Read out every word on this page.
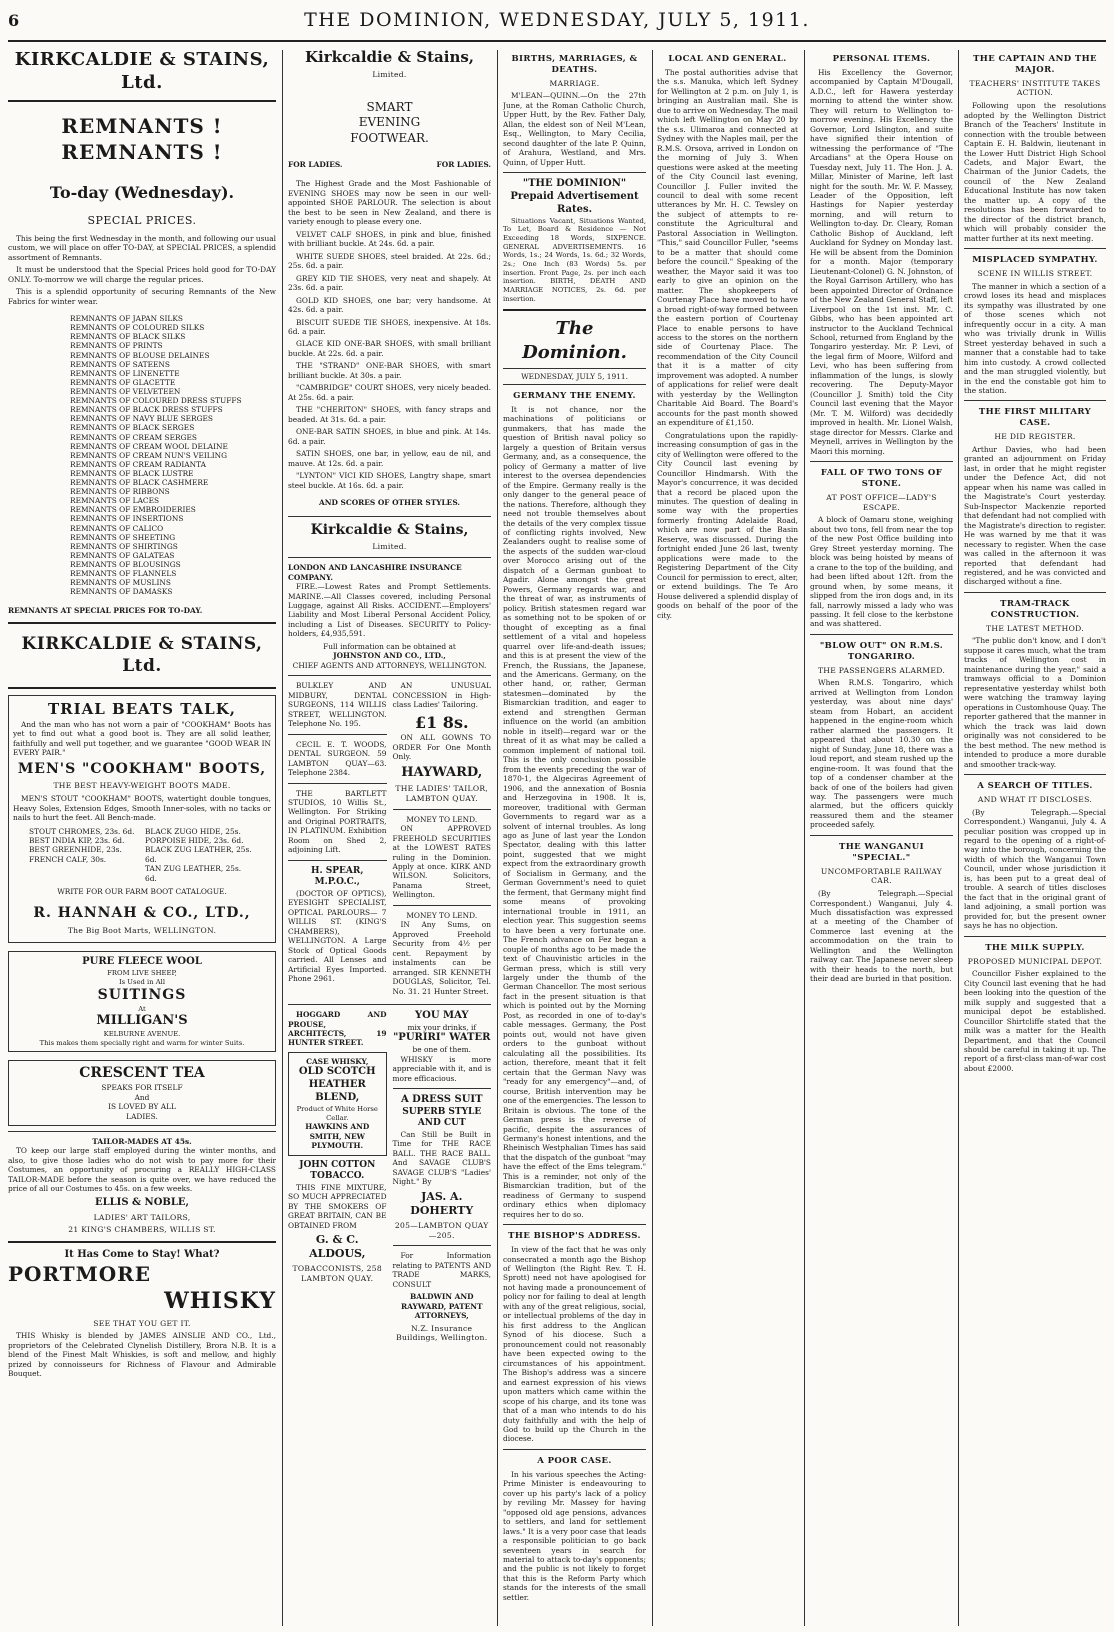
6	THE DOMINION, WEDNESDAY, JULY 5, 1911.
KIRKCALDIE & STAINS, Ltd.
REMNANTS ! REMNANTS !
To-day (Wednesday).
SPECIAL PRICES.

This being the first Wednesday in the month, and following our usual custom, we will place on offer TO-DAY, at SPECIAL PRICES, a splendid assortment of Remnants.

It must be understood that the Special Prices hold good for TO-DAY ONLY. To-morrow we will charge the regular prices.

This is a splendid opportunity of securing Remnants of the New Fabrics for winter wear.

REMNANTS OF JAPAN SILKS
REMNANTS OF COLOURED SILKS
REMNANTS OF BLACK SILKS
REMNANTS OF PRINTS
REMNANTS OF BLOUSE DELAINES
REMNANTS OF SATEENS
REMNANTS OF LINENETTE
REMNANTS OF GLACETTE
REMNANTS OF VELVETEEN
REMNANTS OF COLOURED DRESS STUFFS
REMNANTS OF BLACK DRESS STUFFS
REMNANTS OF NAVY BLUE SERGES
REMNANTS OF BLACK SERGES
REMNANTS OF CREAM SERGES
REMNANTS OF CREAM WOOL DELAINE
REMNANTS OF CREAM NUN'S VEILING
REMNANTS OF CREAM RADIANTA
REMNANTS OF BLACK LUSTRE
REMNANTS OF BLACK CASHMERE
REMNANTS OF RIBBONS
REMNANTS OF LACES
REMNANTS OF EMBROIDERIES
REMNANTS OF INSERTIONS
REMNANTS OF CALICO
REMNANTS OF SHEETING
REMNANTS OF SHIRTINGS
REMNANTS OF GALATEAS
REMNANTS OF BLOUSINGS
REMNANTS OF FLANNELS
REMNANTS OF MUSLINS
REMNANTS OF DAMASKS
REMNANTS AT SPECIAL PRICES FOR TO-DAY.
KIRKCALDIE & STAINS, Ltd.
TRIAL BEATS TALK,

And the man who has not worn a pair of "COOKHAM" Boots has yet to find out what a good boot is. They are all solid leather, faithfully and well put together, and we guarantee "GOOD WEAR IN EVERY PAIR."

MEN'S "COOKHAM" BOOTS,
THE BEST HEAVY-WEIGHT BOOTS MADE.

MEN'S STOUT "COOKHAM" BOOTS, watertight double tongues, Heavy Soles, Extension Edges, Smooth Inner-soles, with no tacks or nails to hurt the feet. All Bench-made.

STOUT CHROMES, 23s. 6d.
BEST INDIA KIP, 23s. 6d.
BEST GREENHIDE, 23s.
FRENCH CALF, 30s.
BLACK ZUGO HIDE, 25s.
PORPOISE HIDE, 23s. 6d.
BLACK ZUG LEATHER, 25s. 6d.
TAN ZUG LEATHER, 25s. 6d.
WRITE FOR OUR FARM BOOT CATALOGUE.
R. HANNAH & CO., LTD.,
The Big Boot Marts, WELLINGTON.
PURE FLEECE WOOL
FROM LIVE SHEEP,
Is Used in All
SUITINGS
At
MILLIGAN'S
KELBURNE AVENUE.
This makes them specially right and warm for winter Suits.
CRESCENT TEA
SPEAKS FOR ITSELF
And
IS LOVED BY ALL
LADIES.
TAILOR-MADES AT 45s.

TO keep our large staff employed during the winter months, and also, to give those ladies who do not wish to pay more for their Costumes, an opportunity of procuring a REALLY HIGH-CLASS TAILOR-MADE before the season is quite over, we have reduced the price of all our Costumes to 45s. on a few weeks.

ELLIS & NOBLE,
LADIES' ART TAILORS,
21 KING'S CHAMBERS, WILLIS ST.
It Has Come to Stay! What?
PORTMORE
WHISKY
SEE THAT YOU GET IT.

THIS Whisky is blended by JAMES AINSLIE AND CO., Ltd., proprietors of the Celebrated Clynelish Distillery, Brora N.B. It is a blend of the Finest Malt Whiskies, is soft and mellow, and highly prized by connoisseurs for Richness of Flavour and Admirable Bouquet.

Kirkcaldie & Stains,
Limited.
SMART
EVENING
FOOTWEAR.
FOR LADIES.	FOR LADIES.

The Highest Grade and the Most Fashionable of EVENING SHOES may now be seen in our well-appointed SHOE PARLOUR. The selection is about the best to be seen in New Zealand, and there is variety enough to please every one.

VELVET CALF SHOES, in pink and blue, finished with brilliant buckle. At 24s. 6d. a pair.

WHITE SUEDE SHOES, steel braided. At 22s. 6d.; 25s. 6d. a pair.

GREY KID TIE SHOES, very neat and shapely. At 23s. 6d. a pair.

GOLD KID SHOES, one bar; very handsome. At 42s. 6d. a pair.

BISCUIT SUEDE TIE SHOES, inexpensive. At 18s. 6d. a pair.

GLACE KID ONE-BAR SHOES, with small brilliant buckle. At 22s. 6d. a pair.

THE "STRAND" ONE-BAR SHOES, with smart brilliant buckle. At 30s. a pair.

"CAMBRIDGE" COURT SHOES, very nicely beaded. At 25s. 6d. a pair.

THE "CHERITON" SHOES, with fancy straps and beaded. At 31s. 6d. a pair.

ONE-BAR SATIN SHOES, in blue and pink. At 14s. 6d. a pair.

SATIN SHOES, one bar, in yellow, eau de nil, and mauve. At 12s. 6d. a pair.

"LYNTON" VICI KID SHOES, Langtry shape, smart steel buckle. At 16s. 6d. a pair.

AND SCORES OF OTHER STYLES.
Kirkcaldie & Stains,
Limited.
LONDON AND LANCASHIRE INSURANCE COMPANY.

FIRE.—Lowest Rates and Prompt Settlements. MARINE.—All Classes covered, including Personal Luggage, against All Risks. ACCIDENT.—Employers' Liability and Most Liberal Personal Accident Policy, including a List of Diseases. SECURITY to Policy-holders, £4,935,591.

Full information can be obtained at
JOHNSTON AND CO., LTD.,
CHIEF AGENTS AND ATTORNEYS, WELLINGTON.

BULKLEY AND MIDBURY, DENTAL SURGEONS, 114 WILLIS STREET, WELLINGTON. Telephone No. 195.

CECIL E. T. WOODS, DENTAL SURGEON. 59 LAMBTON QUAY—63. Telephone 2384.

THE BARTLETT STUDIOS, 10 Willis St., Wellington. For Striking and Original PORTRAITS, IN PLATINUM. Exhibition Room on Shed 2, adjoining Lift.

H. SPEAR, M.P.O.C.,

(DOCTOR OF OPTICS), EYESIGHT SPECIALIST, OPTICAL PARLOURS— 7 WILLIS ST. (KING'S CHAMBERS), WELLINGTON. A Large Stock of Optical Goods carried. All Lenses and Artificial Eyes Imported. Phone 2961.

AN UNUSUAL CONCESSION in High-class Ladies' Tailoring.

£1 8s.

ON ALL GOWNS TO ORDER For One Month Only.

HAYWARD,
THE LADIES' TAILOR, LAMBTON QUAY.
MONEY TO LEND.

ON APPROVED FREEHOLD SECURITIES at the LOWEST RATES ruling in the Dominion. Apply at once. KIRK AND WILSON. Solicitors, Panama Street, Wellington.

MONEY TO LEND.

IN Any Sums, on Approved Freehold Security from 4½ per cent. Repayment by instalments can be arranged. SIR KENNETH DOUGLAS, Solicitor, Tel. No. 31. 21 Hunter Street.

HOGGARD AND PROUSE, ARCHITECTS, 19 HUNTER STREET.

CASE WHISKY,
OLD SCOTCH HEATHER BLEND,
Product of White Horse Cellar.
HAWKINS AND SMITH, NEW PLYMOUTH.
JOHN COTTON TOBACCO.

THIS FINE MIXTURE, SO MUCH APPRECIATED BY THE SMOKERS OF GREAT BRITAIN, CAN BE OBTAINED FROM

G. & C. ALDOUS,
TOBACCONISTS, 258 LAMBTON QUAY.
YOU MAY
mix your drinks, if
"PURIRI" WATER
be one of them.

WHISKY is more appreciable with it, and is more efficacious.

A DRESS SUIT
SUPERB STYLE AND CUT

Can Still be Built in Time for THE RACE BALL. THE RACE BALL. And SAVAGE CLUB'S SAVAGE CLUB'S "Ladies' Night." By

JAS. A. DOHERTY
205—LAMBTON QUAY—205.

For Information relating to PATENTS AND TRADE MARKS, CONSULT

BALDWIN AND RAYWARD, PATENT ATTORNEYS,
N.Z. Insurance Buildings, Wellington.
BIRTHS, MARRIAGES, & DEATHS.
MARRIAGE.

M'LEAN—QUINN.—On the 27th June, at the Roman Catholic Church, Upper Hutt, by the Rev. Father Daly, Allan, the eldest son of Neil M'Lean, Esq., Wellington, to Mary Cecilia, second daughter of the late P. Quinn, of Arahura, Westland, and Mrs. Quinn, of Upper Hutt.

"THE DOMINION"
Prepaid Advertisement Rates.

Situations Vacant, Situations Wanted, To Let, Board & Residence — Not Exceeding 18 Words, SIXPENCE. GENERAL ADVERTISEMENTS. 16 Words, 1s.; 24 Words, 1s. 6d.; 32 Words, 2s.; One Inch (83 Words) 5s. per insertion. Front Page, 2s. per inch each insertion. BIRTH, DEATH AND MARRIAGE NOTICES, 2s. 6d. per insertion.

The Dominion.
WEDNESDAY, JULY 5, 1911.
GERMANY THE ENEMY.

It is not chance, nor the machinations of politicians or gunmakers, that has made the question of British naval policy so largely a question of Britain versus Germany, and, as a consequence, the policy of Germany a matter of live interest to the oversea dependencies of the Empire. Germany really is the only danger to the general peace of the nations. Therefore, although they need not trouble themselves about the details of the very complex tissue of conflicting rights involved, New Zealanders ought to realise some of the aspects of the sudden war-cloud over Morocco arising out of the dispatch of a German gunboat to Agadir. Alone amongst the great Powers, Germany regards war, and the threat of war, as instruments of policy. British statesmen regard war as something not to be spoken of or thought of excepting as a final settlement of a vital and hopeless quarrel over life-and-death issues; and this is at present the view of the French, the Russians, the Japanese, and the Americans. Germany, on the other hand, or, rather, German statesmen—dominated by the Bismarckian tradition, and eager to extend and strengthen German influence on the world (an ambition noble in itself)—regard war or the threat of it as what may be called a common implement of national toil. This is the only conclusion possible from the events preceding the war of 1870-1, the Algeciras Agreement of 1906, and the annexation of Bosnia and Herzegovina in 1908. It is, moreover, traditional with German Governments to regard war as a solvent of internal troubles. As long ago as June of last year the London Spectator, dealing with this latter point, suggested that we might expect from the extraordinary growth of Socialism in Germany, and the German Government's need to quiet the ferment, that Germany might find some means of provoking international trouble in 1911, an election year. This suggestion seems to have been a very fortunate one. The French advance on Fez began a couple of months ago to be made the text of Chauvinistic articles in the German press, which is still very largely under the thumb of the German Chancellor. The most serious fact in the present situation is that which is pointed out by the Morning Post, as recorded in one of to-day's cable messages. Germany, the Post points out, would not have given orders to the gunboat without calculating all the possibilities. Its action, therefore, meant that it felt certain that the German Navy was "ready for any emergency"—and, of course, British intervention may be one of the emergencies. The lesson to Britain is obvious. The tone of the German press is the reverse of pacific, despite the assurances of Germany's honest intentions, and the Rheinisch Westphalian Times has said that the dispatch of the gunboat "may have the effect of the Ems telegram." This is a reminder, not only of the Bismarckian tradition, but of the readiness of Germany to suspend ordinary ethics when diplomacy requires her to do so.

THE BISHOP'S ADDRESS.

In view of the fact that he was only consecrated a month ago the Bishop of Wellington (the Right Rev. T. H. Sprott) need not have apologised for not having made a pronouncement of policy nor for failing to deal at length with any of the great religious, social, or intellectual problems of the day in his first address to the Anglican Synod of his diocese. Such a pronouncement could not reasonably have been expected owing to the circumstances of his appointment. The Bishop's address was a sincere and earnest expression of his views upon matters which came within the scope of his charge, and its tone was that of a man who intends to do his duty faithfully and with the help of God to build up the Church in the diocese.

A POOR CASE.

In his various speeches the Acting-Prime Minister is endeavouring to cover up his party's lack of a policy by reviling Mr. Massey for having "opposed old age pensions, advances to settlers, and land for settlement laws." It is a very poor case that leads a responsible politician to go back seventeen years in search for material to attack to-day's opponents; and the public is not likely to forget that this is the Reform Party which stands for the interests of the small settler.

LOCAL AND GENERAL.

The postal authorities advise that the s.s. Manuka, which left Sydney for Wellington at 2 p.m. on July 1, is bringing an Australian mail. She is due to arrive on Wednesday. The mail which left Wellington on May 20 by the s.s. Ulimaroa and connected at Sydney with the Naples mail, per the R.M.S. Orsova, arrived in London on the morning of July 3. When questions were asked at the meeting of the City Council last evening, Councillor J. Fuller invited the council to deal with some recent utterances by Mr. H. C. Tewsley on the subject of attempts to re-constitute the Agricultural and Pastoral Association in Wellington. "This," said Councillor Fuller, "seems to be a matter that should come before the council." Speaking of the weather, the Mayor said it was too early to give an opinion on the matter. The shopkeepers of Courtenay Place have moved to have a broad right-of-way formed between the eastern portion of Courtenay Place to enable persons to have access to the stores on the northern side of Courtenay Place. The recommendation of the City Council that it is a matter of city improvement was adopted. A number of applications for relief were dealt with yesterday by the Wellington Charitable Aid Board. The Board's accounts for the past month showed an expenditure of £1,150.

Congratulations upon the rapidly-increasing consumption of gas in the city of Wellington were offered to the City Council last evening by Councillor Hindmarsh. With the Mayor's concurrence, it was decided that a record be placed upon the minutes. The question of dealing in some way with the properties formerly fronting Adelaide Road, which are now part of the Basin Reserve, was discussed. During the fortnight ended June 26 last, twenty applications were made to the Registering Department of the City Council for permission to erect, alter, or extend buildings. The Te Aro House delivered a splendid display of goods on behalf of the poor of the city.

PERSONAL ITEMS.

His Excellency the Governor, accompanied by Captain M'Dougall, A.D.C., left for Hawera yesterday morning to attend the winter show. They will return to Wellington to-morrow evening. His Excellency the Governor, Lord Islington, and suite have signified their intention of witnessing the performance of "The Arcadians" at the Opera House on Tuesday next, July 11. The Hon. J. A. Millar, Minister of Marine, left last night for the south. Mr. W. F. Massey, Leader of the Opposition, left Hastings for Napier yesterday morning, and will return to Wellington to-day. Dr. Cleary, Roman Catholic Bishop of Auckland, left Auckland for Sydney on Monday last. He will be absent from the Dominion for a month. Major (temporary Lieutenant-Colonel) G. N. Johnston, of the Royal Garrison Artillery, who has been appointed Director of Ordnance of the New Zealand General Staff, left Liverpool on the 1st inst. Mr. C. Gibbs, who has been appointed art instructor to the Auckland Technical School, returned from England by the Tongariro yesterday. Mr. P. Levi, of the legal firm of Moore, Wilford and Levi, who has been suffering from inflammation of the lungs, is slowly recovering. The Deputy-Mayor (Councillor J. Smith) told the City Council last evening that the Mayor (Mr. T. M. Wilford) was decidedly improved in health. Mr. Lionel Walsh, stage director for Messrs. Clarke and Meynell, arrives in Wellington by the Maori this morning.

FALL OF TWO TONS OF STONE.
AT POST OFFICE—LADY'S ESCAPE.

A block of Oamaru stone, weighing about two tons, fell from near the top of the new Post Office building into Grey Street yesterday morning. The block was being hoisted by means of a crane to the top of the building, and had been lifted about 12ft. from the ground when, by some means, it slipped from the iron dogs and, in its fall, narrowly missed a lady who was passing. It fell close to the kerbstone and was shattered.

"BLOW OUT" ON R.M.S. TONGARIRO.
THE PASSENGERS ALARMED.

When R.M.S. Tongariro, which arrived at Wellington from London yesterday, was about nine days' steam from Hobart, an accident happened in the engine-room which rather alarmed the passengers. It appeared that about 10.30 on the night of Sunday, June 18, there was a loud report, and steam rushed up the engine-room. It was found that the top of a condenser chamber at the back of one of the boilers had given way. The passengers were much alarmed, but the officers quickly reassured them and the steamer proceeded safely.

THE WANGANUI "SPECIAL."
UNCOMFORTABLE RAILWAY CAR.

(By Telegraph.—Special Correspondent.) Wanganui, July 4. Much dissatisfaction was expressed at a meeting of the Chamber of Commerce last evening at the accommodation on the train to Wellington and the Wellington railway car. The Japanese never sleep with their heads to the north, but their dead are buried in that position.

THE CAPTAIN AND THE MAJOR.
TEACHERS' INSTITUTE TAKES ACTION.

Following upon the resolutions adopted by the Wellington District Branch of the Teachers' Institute in connection with the trouble between Captain E. H. Baldwin, lieutenant in the Lower Hutt District High School Cadets, and Major Ewart, the Chairman of the Junior Cadets, the council of the New Zealand Educational Institute has now taken the matter up. A copy of the resolutions has been forwarded to the director of the district branch, which will probably consider the matter further at its next meeting.

MISPLACED SYMPATHY.
SCENE IN WILLIS STREET.

The manner in which a section of a crowd loses its head and misplaces its sympathy was illustrated by one of those scenes which not infrequently occur in a city. A man who was trivially drunk in Willis Street yesterday behaved in such a manner that a constable had to take him into custody. A crowd collected and the man struggled violently, but in the end the constable got him to the station.

THE FIRST MILITARY CASE.
HE DID REGISTER.

Arthur Davies, who had been granted an adjournment on Friday last, in order that he might register under the Defence Act, did not appear when his name was called in the Magistrate's Court yesterday. Sub-Inspector Mackenzie reported that defendant had not complied with the Magistrate's direction to register. He was warned by me that it was necessary to register. When the case was called in the afternoon it was reported that defendant had registered, and he was convicted and discharged without a fine.

TRAM-TRACK CONSTRUCTION.
THE LATEST METHOD.

"The public don't know, and I don't suppose it cares much, what the tram tracks of Wellington cost in maintenance during the year," said a tramways official to a Dominion representative yesterday whilst both were watching the tramway laying operations in Customhouse Quay. The reporter gathered that the manner in which the track was laid down originally was not considered to be the best method. The new method is intended to produce a more durable and smoother track-way.

A SEARCH OF TITLES.
AND WHAT IT DISCLOSES.

(By Telegraph.—Special Correspondent.) Wanganui, July 4. A peculiar position was cropped up in regard to the opening of a right-of-way into the borough, concerning the width of which the Wanganui Town Council, under whose jurisdiction it is, has been put to a great deal of trouble. A search of titles discloses the fact that in the original grant of land adjoining, a small portion was provided for, but the present owner says he has no objection.

THE MILK SUPPLY.
PROPOSED MUNICIPAL DEPOT.

Councillor Fisher explained to the City Council last evening that he had been looking into the question of the milk supply and suggested that a municipal depot be established. Councillor Shirtcliffe stated that the milk was a matter for the Health Department, and that the Council should be careful in taking it up. The report of a first-class man-of-war cost about £2000.
